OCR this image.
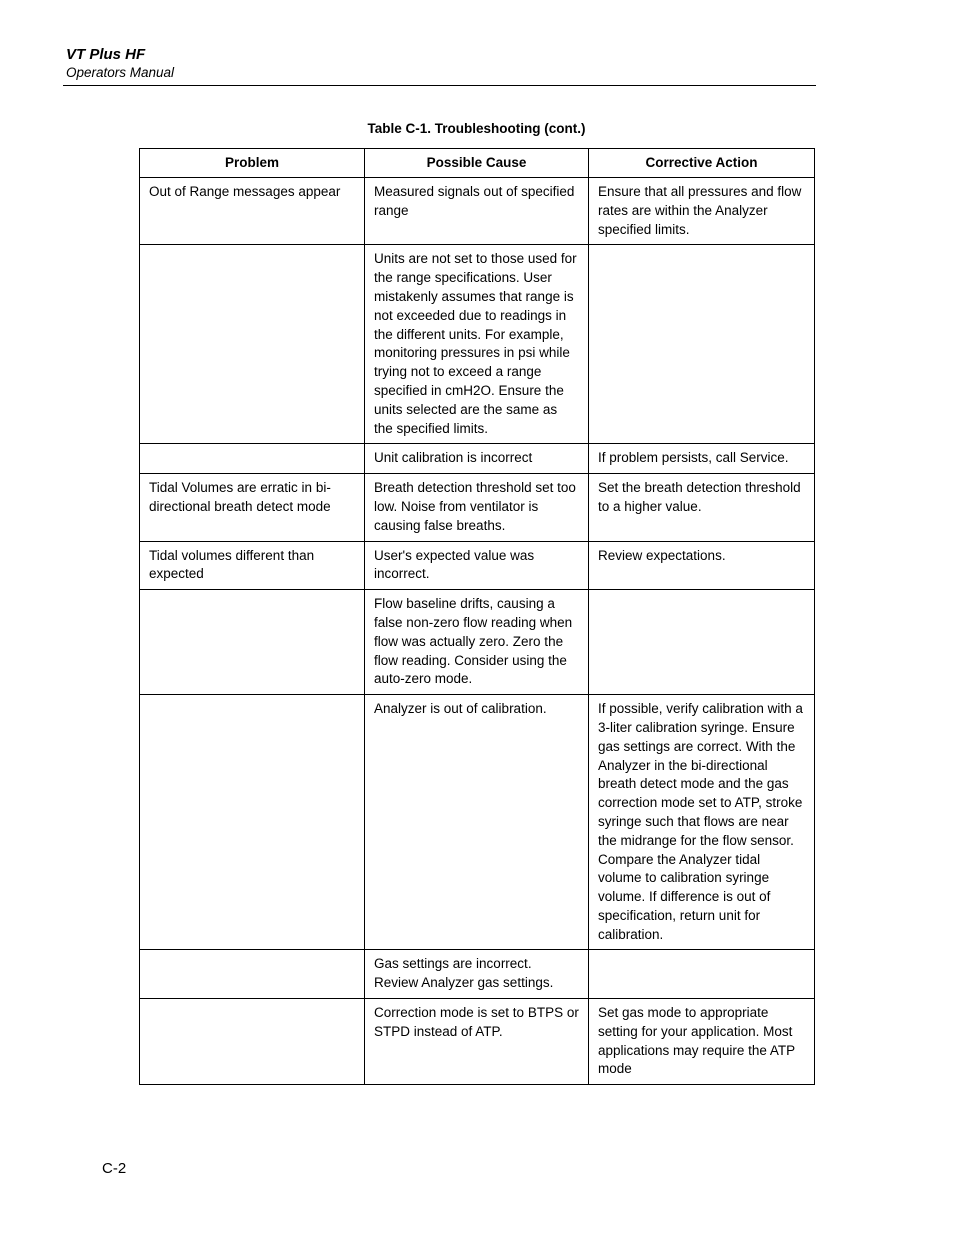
VT Plus HF
Operators Manual
Table C-1. Troubleshooting (cont.)
Problem	Possible Cause	Corrective Action
Out of Range messages appear	Measured signals out of specified range	Ensure that all pressures and flow rates are within the Analyzer specified limits.
	Units are not set to those used for the range specifications. User mistakenly assumes that range is not exceeded due to readings in the different units. For example, monitoring pressures in psi while trying not to exceed a range specified in cmH2O. Ensure the units selected are the same as the specified limits.	
	Unit calibration is incorrect	If problem persists, call Service.
Tidal Volumes are erratic in bi-directional breath detect mode	Breath detection threshold set too low. Noise from ventilator is causing false breaths.	Set the breath detection threshold to a higher value.
Tidal volumes different than expected	User's expected value was incorrect.	Review expectations.
	Flow baseline drifts, causing a false non-zero flow reading when flow was actually zero. Zero the flow reading. Consider using the auto-zero mode.	
	Analyzer is out of calibration.	If possible, verify calibration with a 3-liter calibration syringe. Ensure gas settings are correct. With the Analyzer in the bi-directional breath detect mode and the gas correction mode set to ATP, stroke syringe such that flows are near the midrange for the flow sensor. Compare the Analyzer tidal volume to calibration syringe volume. If difference is out of specification, return unit for calibration.
	Gas settings are incorrect. Review Analyzer gas settings.	
	Correction mode is set to BTPS or STPD instead of ATP.	Set gas mode to appropriate setting for your application. Most applications may require the ATP mode
C-2
